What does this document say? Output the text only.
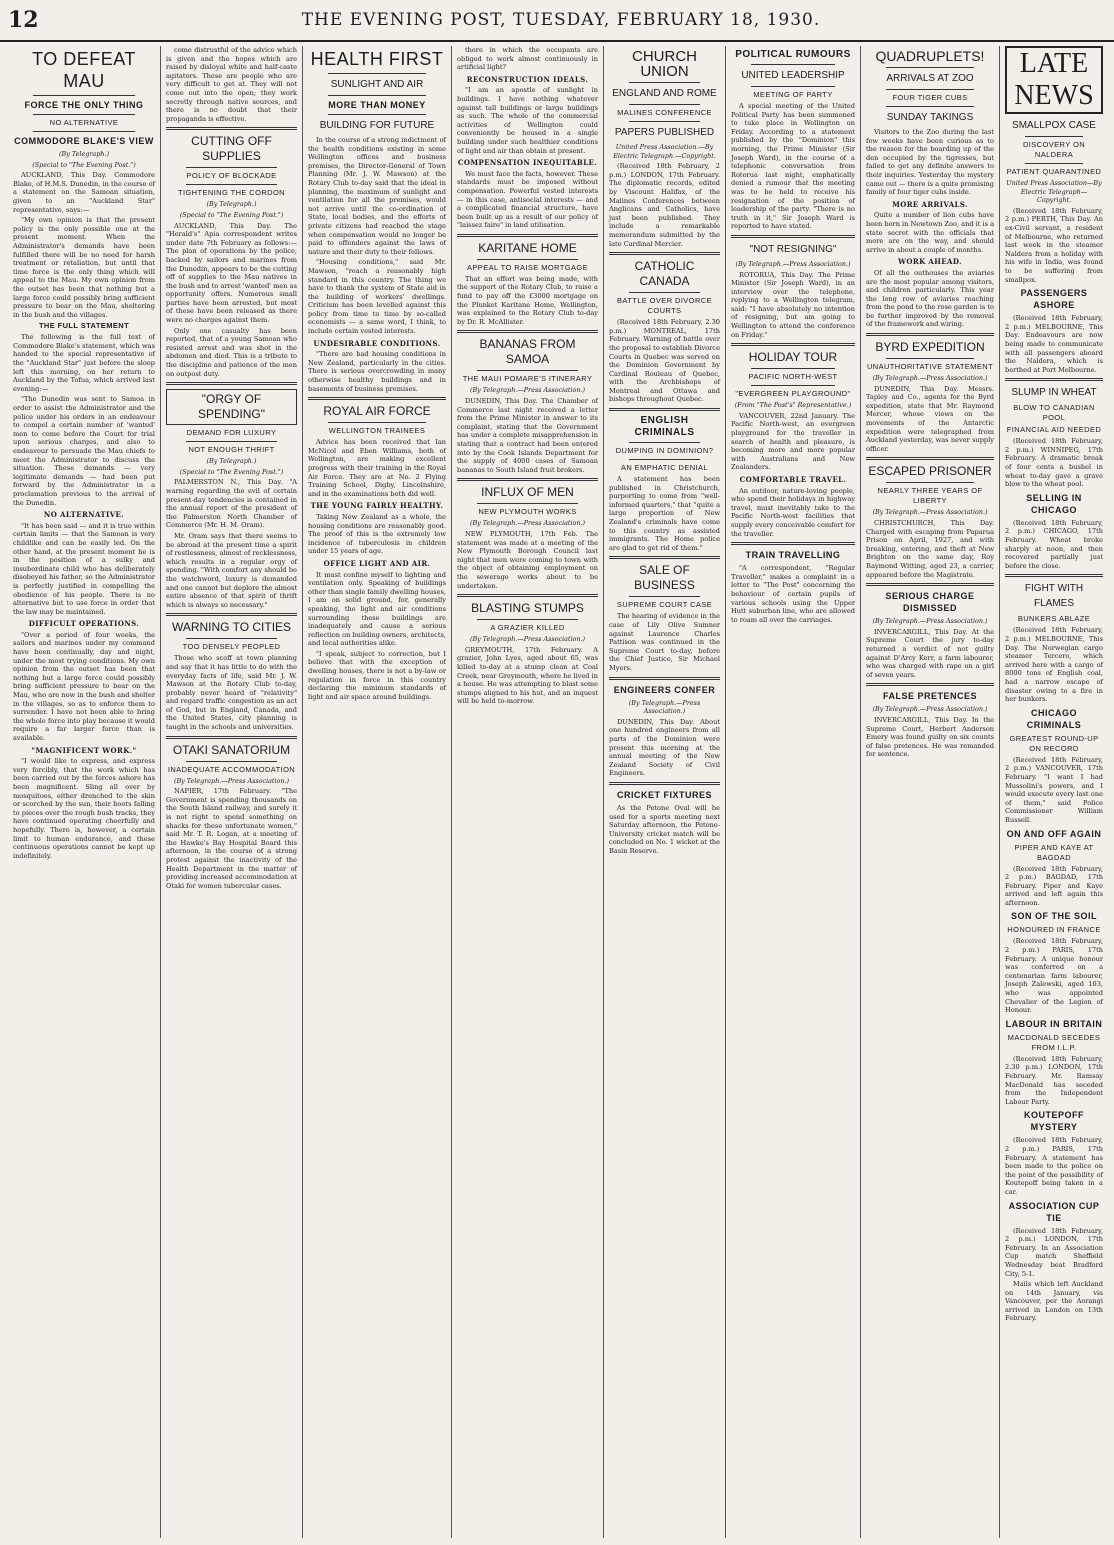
12	THE EVENING POST, TUESDAY, FEBRUARY 18, 1930.
TO DEFEAT MAU
FORCE THE ONLY THING
NO ALTERNATIVE
COMMODORE BLAKE'S VIEW
(By Telegraph.)
(Special to "The Evening Post.")

AUCKLAND, This Day. Commodore Blake, of H.M.S. Dunedin, in the course of a statement on the Samoan situation, given to an "Auckland Star" representative, says:—

"My own opinion is that the present policy is the only possible one at the present moment. When the Administrator's demands have been fulfilled there will be no need for harsh treatment or retaliation, but until that time force is the only thing which will appeal to the Mau. My own opinion from the outset has been that nothing but a large force could possibly bring sufficient pressure to bear on the Mau, sheltering in the bush and the villages.

THE FULL STATEMENT

The following is the full text of Commodore Blake's statement, which was handed to the special representative of the "Auckland Star" just before the sloop left this morning, on her return to Auckland by the Tofua, which arrived last evening:—

"The Dunedin was sent to Samoa in order to assist the Administrator and the police under his orders in an endeavour to compel a certain number of 'wanted' men to come before the Court for trial upon serious charges, and also to endeavour to persuade the Mau chiefs to meet the Administrator to discuss the situation. These demands — very legitimate demands — had been put forward by the Administrator in a proclamation previous to the arrival of the Dunedin.

NO ALTERNATIVE.

"It has been said — and it is true within certain limits — that the Samoan is very childlike and can be easily led. On the other hand, at the present moment he is in the position of a sulky and insubordinate child who has deliberately disobeyed his father, so the Administrator is perfectly justified in compelling the obedience of his people. There is no alternative but to use force in order that the law may be maintained.

DIFFICULT OPERATIONS.

"Over a period of four weeks, the sailors and marines under my command have been continually, day and night, under the most trying conditions. My own opinion from the outset has been that nothing but a large force could possibly bring sufficient pressure to bear on the Mau, who are now in the bush and shelter in the villages, so as to enforce them to surrender. I have not been able to bring the whole force into play because it would require a far larger force than is available.

"MAGNIFICENT WORK."

"I would like to express, and express very forcibly, that the work which has been carried out by the forces ashore has been magnificent. Sling all over by mosquitoes, either drenched to the skin or scorched by the sun, their boots falling to pieces over the rough bush tracks, they have continued operating cheerfully and hopefully. There is, however, a certain limit to human endurance, and these continuous operations cannot be kept up indefinitely.

come distrustful of the advice which is given and the hopes which are raised by disloyal white and half-caste agitators. These are people who are very difficult to get at. They will not come out into the open; they work secretly through native sources, and there is no doubt that their propaganda is effective.

CUTTING OFF SUPPLIES
POLICY OF BLOCKADE
TIGHTENING THE CORDON
(By Telegraph.)
(Special to "The Evening Post.")

AUCKLAND, This Day. The "Herald's" Apia correspondent writes under date 7th February as follows:— The plan of operations by the police, backed by sailors and marines from the Dunedin, appears to be the cutting off of supplies to the Mau natives in the bush and to arrest 'wanted' men as opportunity offers. Numerous small parties have been arrested, but most of these have been released as there were no charges against them.

Only one casualty has been reported, that of a young Samoan who resisted arrest and was shot in the abdomen and died. This is a tribute to the discipline and patience of the men on outpost duty.

"ORGY OF SPENDING"
DEMAND FOR LUXURY
NOT ENOUGH THRIFT
(By Telegraph.)
(Special to "The Evening Post.")

PALMERSTON N., This Day. "A warning regarding the evil of certain present-day tendencies is contained in the annual report of the president of the Palmerston North Chamber of Commerce (Mr. H. M. Oram).

Mr. Oram says that there seems to be abroad at the present time a spirit of restlessness, almost of recklessness, which results in a regular orgy of spending. "With comfort any should be the watchword, luxury is demanded and one cannot but deplore the almost entire absence of that spirit of thrift which is always so necessary."

WARNING TO CITIES
TOO DENSELY PEOPLED

Those who scoff at town planning and say that it has little to do with the everyday facts of life, said Mr. J. W. Mawson at the Rotary Club to-day, probably never heard of "relativity" and regard traffic congestion as an act of God, but in England, Canada, and the United States, city planning is taught in the schools and universities.

OTAKI SANATORIUM
INADEQUATE ACCOMMODATION
(By Telegraph.—Press Association.)

NAPIER, 17th February. "The Government is spending thousands on the South Island railway, and surely it is not right to spend something on shacks for these unfortunate women," said Mr. T. R. Logan, at a meeting of the Hawke's Bay Hospital Board this afternoon, in the course of a strong protest against the inactivity of the Health Department in the matter of providing increased accommodation at Otaki for women tubercular cases.

HEALTH FIRST
SUNLIGHT AND AIR
MORE THAN MONEY
BUILDING FOR FUTURE

In the course of a strong indictment of the health conditions existing in some Wellington offices and business premises, the Director-General of Town Planning (Mr. J. W. Mawson) at the Rotary Club to-day said that the ideal in planning, the maximum of sunlight and ventilation for all the premises, would not arrive until the co-ordination of State, local bodies, and the efforts of private citizens had reached the stage when compensation would no longer be paid to offenders against the laws of nature and their duty to their fellows.

"Housing conditions," said Mr. Mawson, "reach a reasonably high standard in this country. The thing we have to thank the system of State aid in the building of workers' dwellings. Criticism has been levelled against this policy from time to time by so-called economists — a same word, I think, to include certain vested interests.

UNDESIRABLE CONDITIONS.

"There are bad housing conditions in New Zealand, particularly in the cities. There is serious overcrowding in many otherwise healthy buildings and in basements of business premises.

ROYAL AIR FORCE
WELLINGTON TRAINEES

Advice has been received that Ian McNicol and Eben Williams, both of Wellington, are making excellent progress with their training in the Royal Air Force. They are at No. 2 Flying Training School, Digby, Lincolnshire, and in the examinations both did well.

THE YOUNG FAIRLY HEALTHY.

Taking New Zealand as a whole, the housing conditions are reasonably good. The proof of this is the extremely low incidence of tuberculosis in children under 15 years of age.

OFFICE LIGHT AND AIR.

It must confine myself to lighting and ventilation only. Speaking of buildings other than single family dwelling houses, I am on solid ground, for, generally speaking, the light and air conditions surrounding these buildings are inadequately and cause a serious reflection on building owners, architects, and local authorities alike.

"I speak, subject to correction, but I believe that with the exception of dwelling houses, there is not a by-law or regulation in force in this country declaring the minimum standards of light and air space around buildings.

there in which the occupants are obliged to work almost continuously in artificial light?

RECONSTRUCTION IDEALS.

"I am an apostle of sunlight in buildings. I have nothing whatever against tall buildings or large buildings as such. The whole of the commercial activities of Wellington could conveniently be housed in a single building under such healthier conditions of light and air than obtain at present.

COMPENSATION INEQUITABLE.

We must face the facts, however. These standards must be imposed without compensation. Powerful vested interests — in this case, antisocial interests — and a complicated financial structure, have been built up as a result of our policy of "laissez faire" in land utilisation.

KARITANE HOME
APPEAL TO RAISE MORTGAGE

That an effort was being made, with the support of the Rotary Club, to raise a fund to pay off the £3000 mortgage on the Plunket Karitane Home, Wellington, was explained to the Rotary Club to-day by Dr. R. McAllister.

BANANAS FROM SAMOA
THE MAUI POMARE'S ITINERARY
(By Telegraph.—Press Association.)

DUNEDIN, This Day. The Chamber of Commerce last night received a letter from the Prime Minister in answer to its complaint, stating that the Government has under a complete misapprehension in stating that a contract had been entered into by the Cook Islands Department for the supply of 4000 cases of Samoan bananas to South Island fruit brokers.

INFLUX OF MEN
NEW PLYMOUTH WORKS
(By Telegraph.—Press Association.)

NEW PLYMOUTH, 17th Feb. The statement was made at a meeting of the New Plymouth Borough Council last night that men were coming to town with the object of obtaining employment on the sewerage works about to be undertaken.

BLASTING STUMPS
A GRAZIER KILLED
(By Telegraph.—Press Association.)

GREYMOUTH, 17th February. A grazier, John Lyes, aged about 65, was killed to-day at a stump clean at Coal Creek, near Greymouth, where he lived in a house. He was attempting to blast some stumps aligned to his hut, and an inquest will be held to-morrow.

CHURCH UNION
ENGLAND AND ROME
MALINES CONFERENCE
PAPERS PUBLISHED
United Press Association.—By Electric Telegraph.—Copyright.

(Received 18th February, 2 p.m.) LONDON, 17th February. The diplomatic records, edited by Viscount Halifax, of the Malines Conferences between Anglicans and Catholics, have just been published. They include a remarkable memorandum submitted by the late Cardinal Mercier.

CATHOLIC CANADA
BATTLE OVER DIVORCE COURTS

(Received 18th February, 2.30 p.m.) MONTREAL, 17th February. Warning of battle over the proposal to establish Divorce Courts in Quebec was served on the Dominion Government by Cardinal Rouleau of Quebec, with the Archbishops of Montreal and Ottawa and bishops throughout Quebec.

ENGLISH CRIMINALS
DUMPING IN DOMINION?
AN EMPHATIC DENIAL

A statement has been published in Christchurch, purporting to come from "well-informed quarters," that "quite a large proportion of New Zealand's criminals have come to this country as assisted immigrants. The Home police are glad to get rid of them."

SALE OF BUSINESS
SUPREME COURT CASE

The hearing of evidence in the case of Lily Olive Sumner against Laurence Charles Pattison was continued in the Supreme Court to-day, before the Chief Justice, Sir Michael Myers.

ENGINEERS CONFER
(By Telegraph.—Press Association.)

DUNEDIN, This Day. About one hundred engineers from all parts of the Dominion were present this morning at the annual meeting of the New Zealand Society of Civil Engineers.

CRICKET FIXTURES

As the Petone Oval will be used for a sports meeting next Saturday afternoon, the Petone-University cricket match will be concluded on No. 1 wicket at the Basin Reserve.

POLITICAL RUMOURS
UNITED LEADERSHIP
MEETING OF PARTY

A special meeting of the United Political Party has been summoned to take place in Wellington on Friday. According to a statement published by the "Dominion" this morning, the Prime Minister (Sir Joseph Ward), in the course of a telephonic conversation from Rotorua last night, emphatically denied a rumour that the meeting was to be held to receive his resignation of the position of leadership of the party. "There is no truth in it," Sir Joseph Ward is reported to have stated.

"NOT RESIGNING"
(By Telegraph.—Press Association.)

ROTORUA, This Day. The Prime Minister (Sir Joseph Ward), in an interview over the telephone, replying to a Wellington telegram, said: "I have absolutely no intention of resigning, but am going to Wellington to attend the conference on Friday."

HOLIDAY TOUR
PACIFIC NORTH-WEST
"EVERGREEN PLAYGROUND"
(From "The Post's" Representative.)

VANCOUVER, 22nd January. The Pacific North-west, an evergreen playground for the traveller in search of health and pleasure, is becoming more and more popular with Australians and New Zealanders.

COMFORTABLE TRAVEL.

An outdoor, nature-loving people, who spend their holidays in highway travel, must inevitably take to the Pacific North-west facilities that supply every conceivable comfort for the traveller.

TRAIN TRAVELLING

"A correspondent, "Regular Traveller," makes a complaint in a letter to "The Post" concerning the behaviour of certain pupils of various schools using the Upper Hutt suburban line, who are allowed to roam all over the carriages.

QUADRUPLETS!
ARRIVALS AT ZOO
FOUR TIGER CUBS
SUNDAY TAKINGS

Visitors to the Zoo during the last few weeks have been curious as to the reason for the boarding up of the den occupied by the tigresses, but failed to get any definite answers to their inquiries. Yesterday the mystery came out — there is a quite promising family of four tiger cubs inside.

MORE ARRIVALS.

Quite a number of lion cubs have been born in Newtown Zoo, and it is a state secret with the officials that more are on the way, and should arrive in about a couple of months.

WORK AHEAD.

Of all the outhouses the aviaries are the most popular among visitors, and children particularly. This year the long row of aviaries reaching from the pond to the rose garden is to be further improved by the removal of the framework and wiring.

BYRD EXPEDITION
UNAUTHORITATIVE STATEMENT
(By Telegraph.—Press Association.)

DUNEDIN, This Day. Messrs. Tapley and Co., agents for the Byrd expedition, state that Mr. Raymond Mercer, whose views on the movements of the Antarctic expedition were telegraphed from Auckland yesterday, was never supply officer.

ESCAPED PRISONER
NEARLY THREE YEARS OF LIBERTY
(By Telegraph.—Press Association.)

CHRISTCHURCH, This Day. Charged with escaping from Paparua Prison on April, 1927, and with breaking, entering, and theft at New Brighton on the same day, Roy Raymond Witting, aged 23, a carrier, appeared before the Magistrate.

SERIOUS CHARGE DISMISSED
(By Telegraph.—Press Association.)

INVERCARGILL, This Day. At the Supreme Court the jury to-day returned a verdict of not guilty against D'Arcy Kerr, a farm labourer, who was charged with rape on a girl of seven years.

FALSE PRETENCES
(By Telegraph.—Press Association.)

INVERCARGILL, This Day. In the Supreme Court, Herbert Anderson Emery was found guilty on six counts of false pretences. He was remanded for sentence.

LATE NEWS
SMALLPOX CASE
DISCOVERY ON NALDERA
PATIENT QUARANTINED
United Press Association—By Electric Telegraph—Copyright.

(Received 18th February, 2 p.m.) PERTH, This Day. An ex-Civil servant, a resident of Melbourne, who returned last week in the steamer Naldera from a holiday with his wife in India, was found to be suffering from smallpox.

PASSENGERS ASHORE

(Received 18th February, 2 p.m.) MELBOURNE, This Day. Endeavours are now being made to communicate with all passengers aboard the Naldera, which is berthed at Port Melbourne.

SLUMP IN WHEAT
BLOW TO CANADIAN POOL
FINANCIAL AID NEEDED

(Received 18th February, 2 p.m.) WINNIPEG, 17th February. A dramatic break of four cents a bushel in wheat to-day gave a grave blow to the wheat pool.

SELLING IN CHICAGO

(Received 18th February, 2 p.m.) CHICAGO, 17th February. Wheat broke sharply at noon, and then recovered partially just before the close.

FIGHT WITH FLAMES
BUNKERS ABLAZE

(Received 18th February, 2 p.m.) MELBOURNE, This Day. The Norwegian cargo steamer Tercero, which arrived here with a cargo of 8000 tons of English coal, had a narrow escape of disaster owing to a fire in her bunkers.

CHICAGO CRIMINALS
GREATEST ROUND-UP ON RECORD

(Received 18th February, 2 p.m.) VANCOUVER, 17th February. "I want I had Mussolini's powers, and I would execute every last one of them," said Police Commissioner William Russell.

ON AND OFF AGAIN
PIPER AND KAYE AT BAGDAD

(Received 18th February, 2 p.m.) BAGDAD, 17th February. Piper and Kaye arrived and left again this afternoon.

SON OF THE SOIL
HONOURED IN FRANCE

(Received 18th February, 2 p.m.) PARIS, 17th February. A unique honour was conferred on a centenarian farm labourer, Joseph Zalewski, aged 103, who was appointed Chevalier of the Legion of Honour.

LABOUR IN BRITAIN
MACDONALD SECEDES FROM I.L.P.

(Received 18th February, 2.30 p.m.) LONDON, 17th February. Mr. Ramsay MacDonald has seceded from the Independent Labour Party.

KOUTEPOFF MYSTERY

(Received 18th February, 2 p.m.) PARIS, 17th February. A statement has been made to the police on the point of the possibility of Koutepoff being taken in a car.

ASSOCIATION CUP TIE

(Received 18th February, 2 p.m.) LONDON, 17th February. In an Association Cup match Sheffield Wednesday beat Bradford City, 5-1.

Mails which left Auckland on 14th January, via Vancouver, per the Aorangi arrived in London on 13th February.
